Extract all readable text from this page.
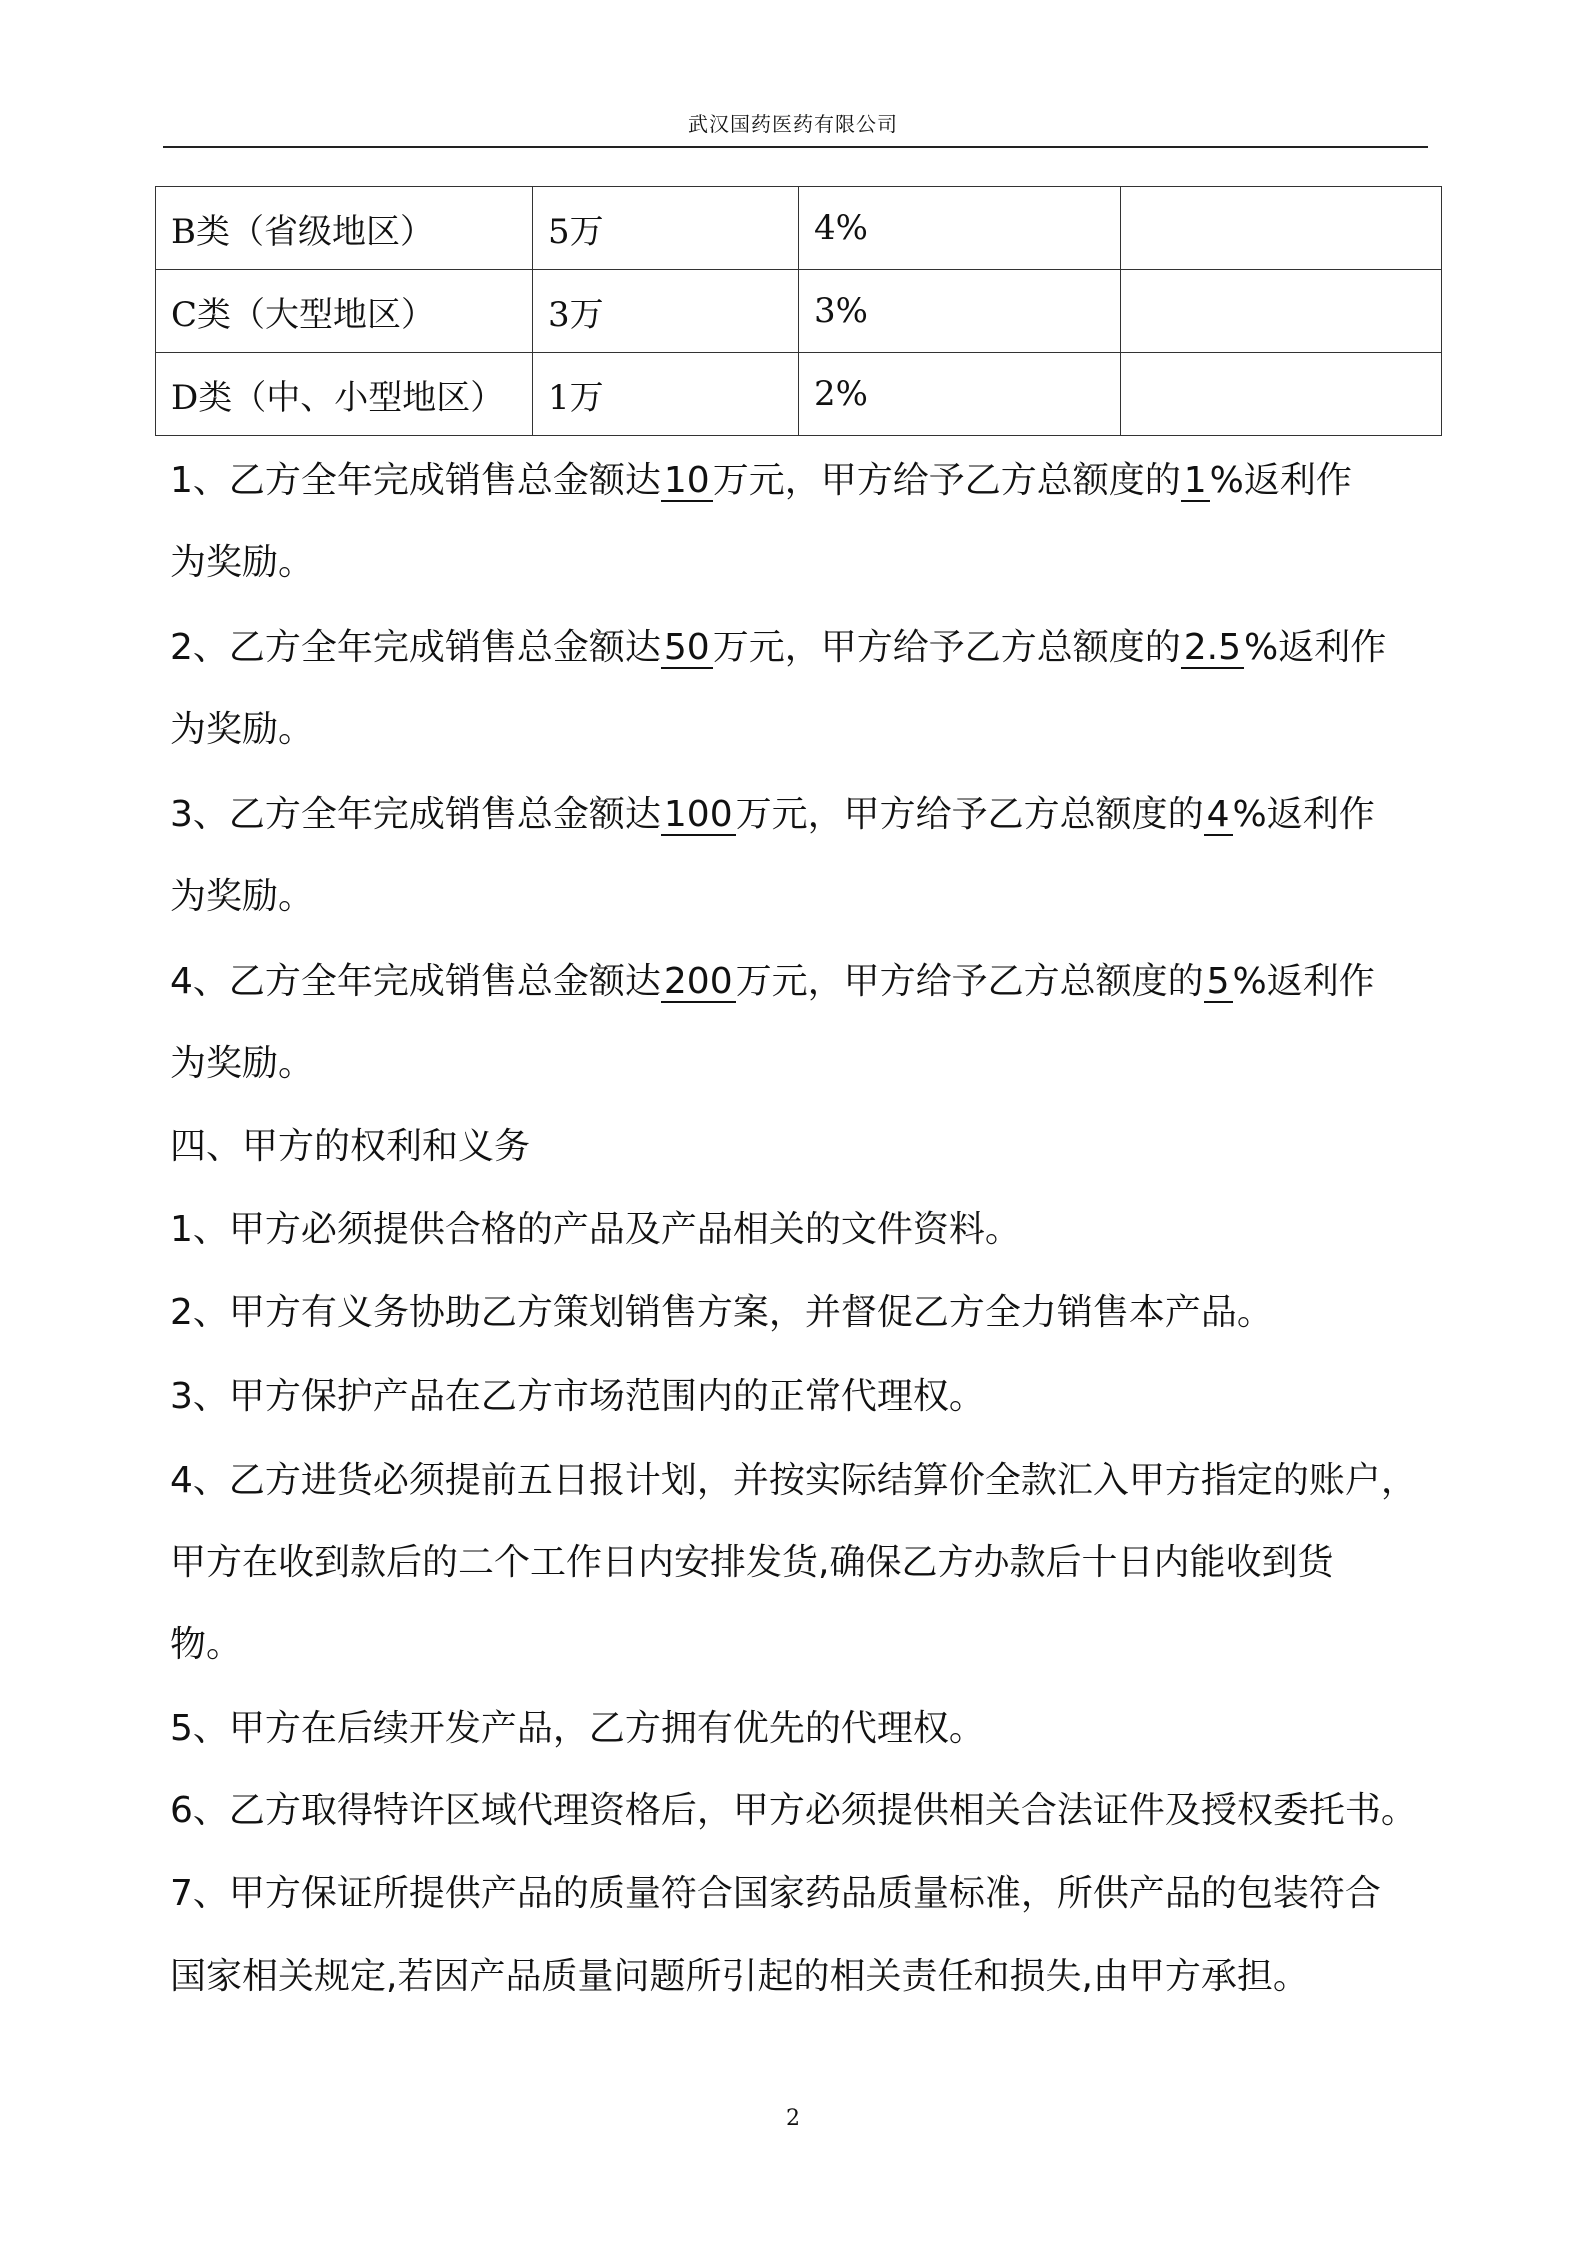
武汉国药医药有限公司
B类（省级地区）	5万	4%	
C类（大型地区）	3万	3%	
D类（中、小型地区）	1万	2%	
1、乙方全年完成销售总金额达10万元，甲方给予乙方总额度的1%返利作
为奖励。
2、乙方全年完成销售总金额达50万元，甲方给予乙方总额度的2.5%返利作
为奖励。
3、乙方全年完成销售总金额达100万元，甲方给予乙方总额度的4%返利作
为奖励。
4、乙方全年完成销售总金额达200万元，甲方给予乙方总额度的5%返利作
为奖励。
四、甲方的权利和义务
1、甲方必须提供合格的产品及产品相关的文件资料。
2、甲方有义务协助乙方策划销售方案，并督促乙方全力销售本产品。
3、甲方保护产品在乙方市场范围内的正常代理权。
4、乙方进货必须提前五日报计划，并按实际结算价全款汇入甲方指定的账户，
甲方在收到款后的二个工作日内安排发货,确保乙方办款后十日内能收到货
物。
5、甲方在后续开发产品，乙方拥有优先的代理权。
6、乙方取得特许区域代理资格后，甲方必须提供相关合法证件及授权委托书。
7、甲方保证所提供产品的质量符合国家药品质量标准，所供产品的包装符合
国家相关规定,若因产品质量问题所引起的相关责任和损失,由甲方承担。
2
